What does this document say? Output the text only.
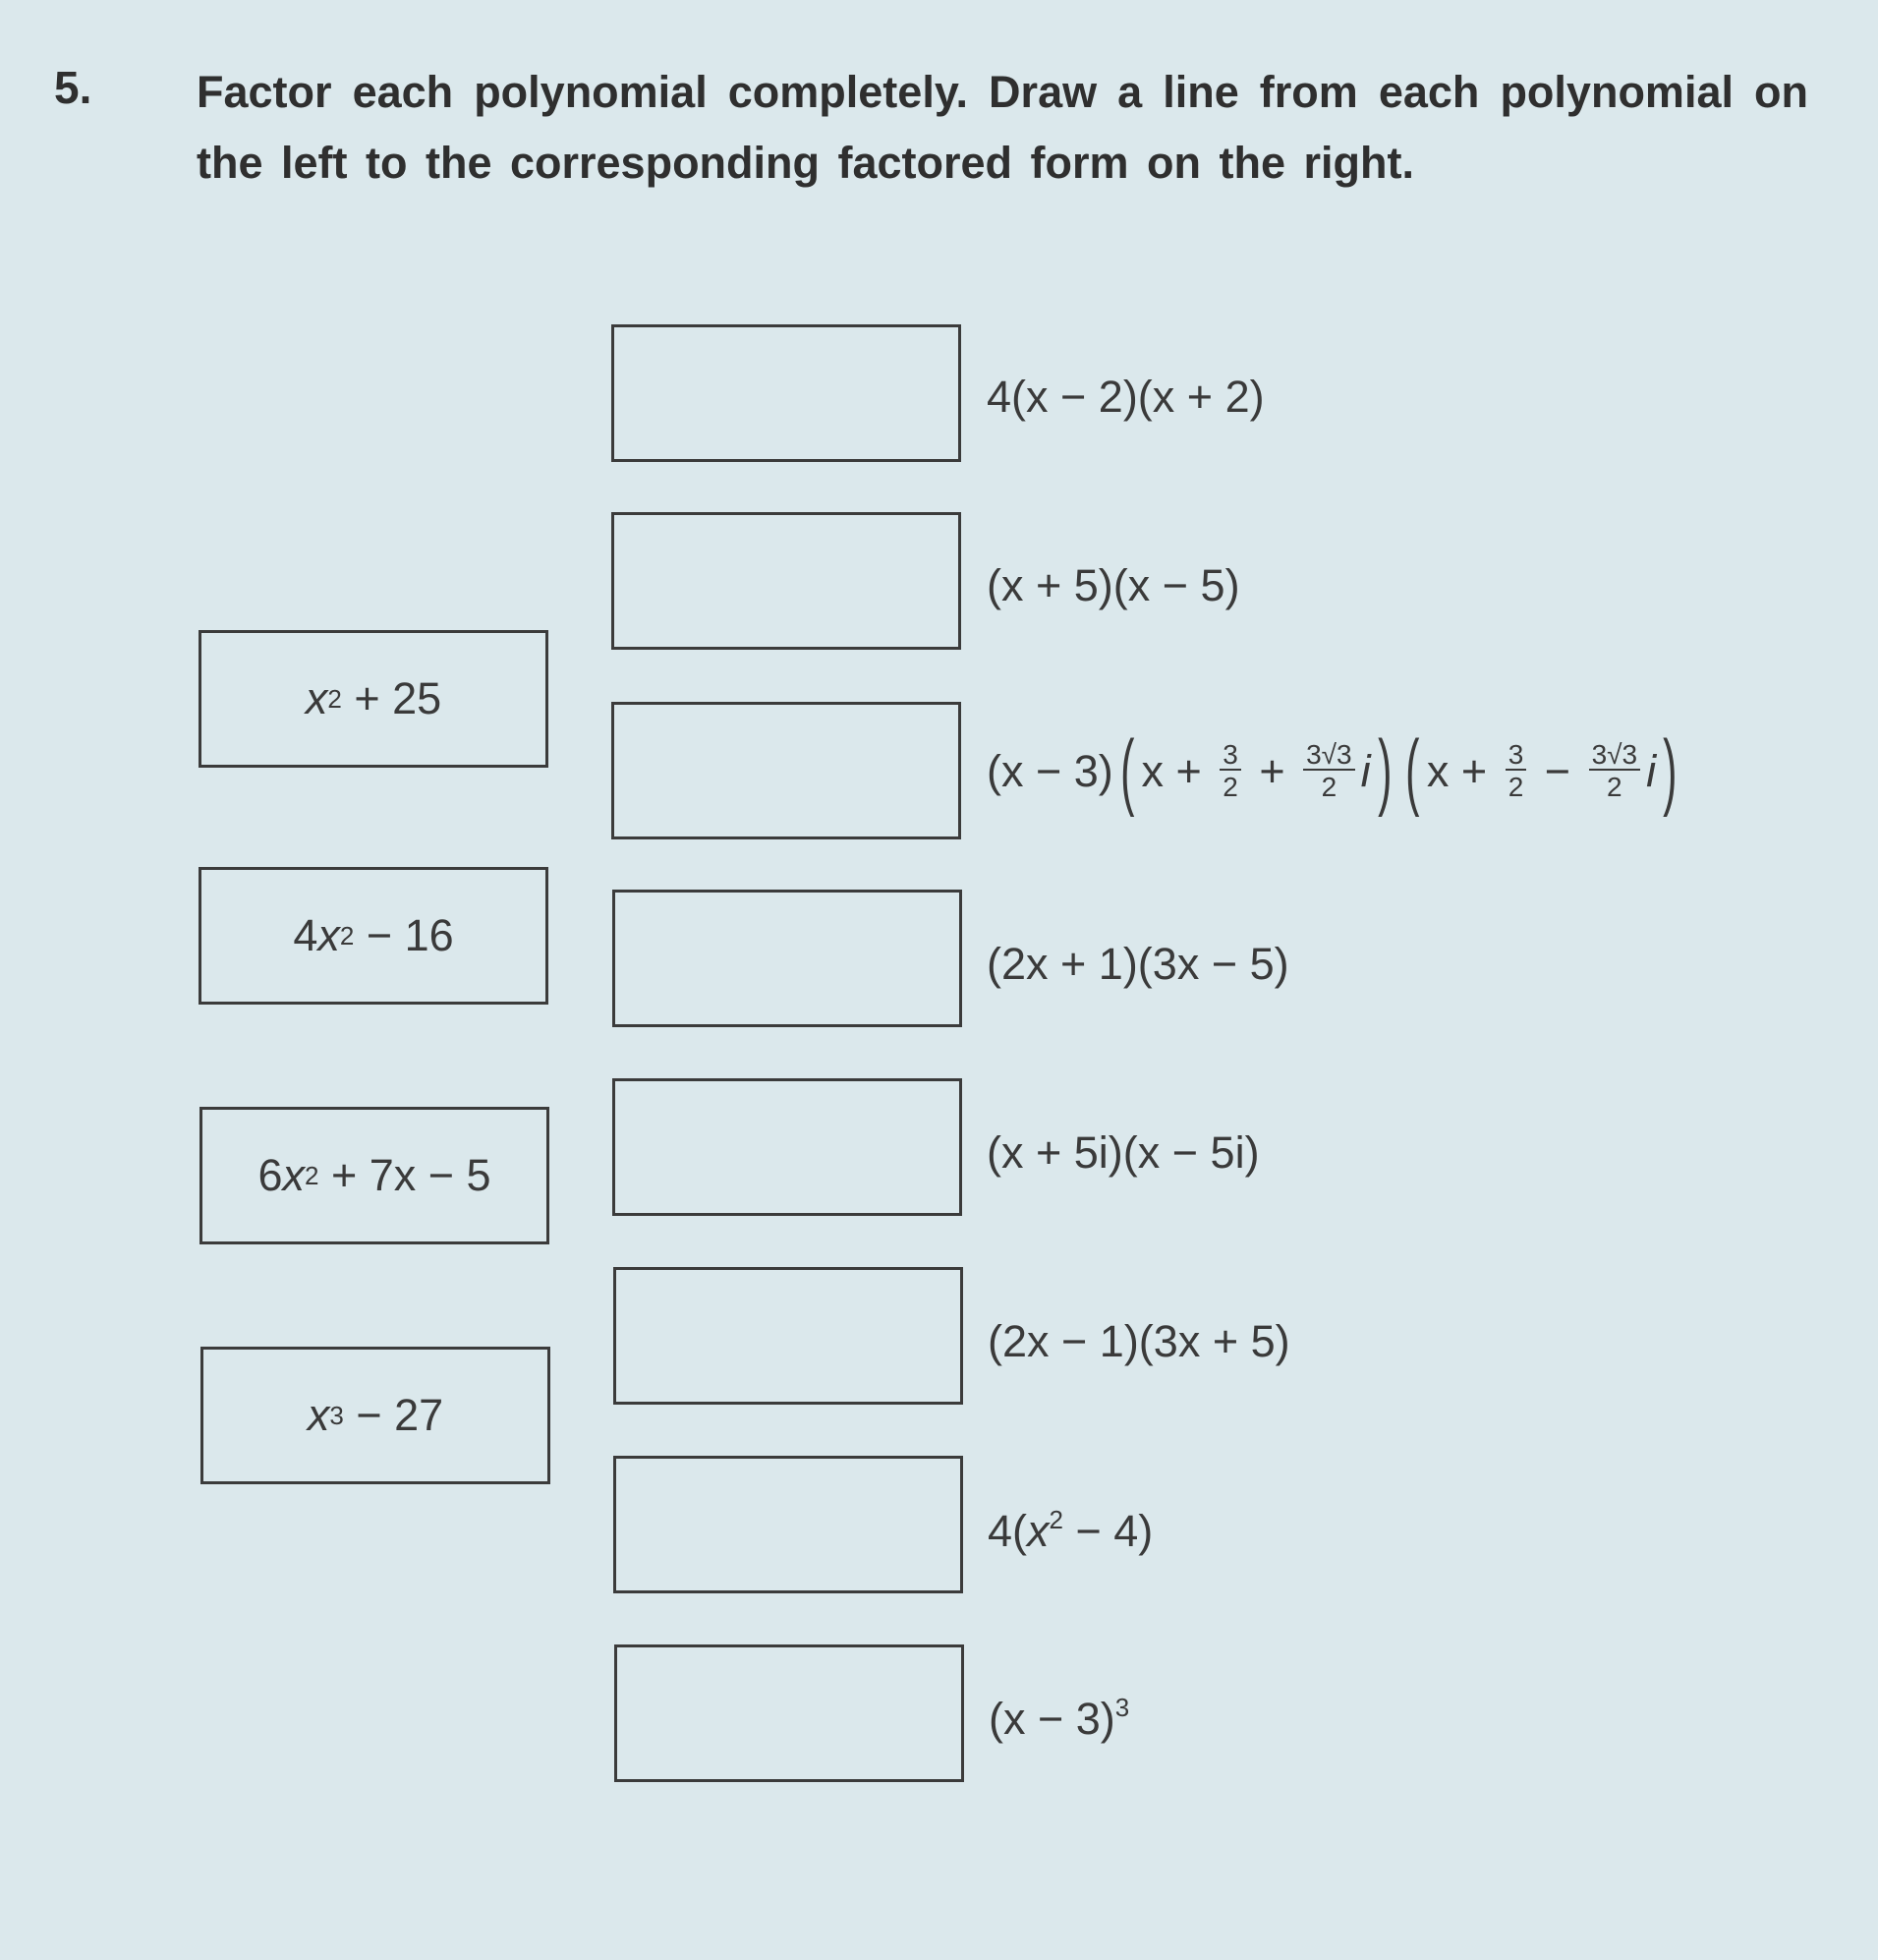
5. Factor each polynomial completely. Draw a line from each polynomial on the left to the corresponding factored form on the right.
x 2 + 25
4 x 2 − 16
6 x 2 + 7x − 5
x 3 − 27
4(x − 2)(x + 2)
(x + 5)(x − 5)
(x − 3) ( $x + \frac{3}{2} + \frac{3√3}{2}$ i ) ( $x + \frac{3}{2} - \frac{3√3}{2}$ i )
(2x + 1)(3x − 5)
(x + 5i)(x − 5i)
(2x − 1)(3x + 5)
$4(x^2 - 4)$
$(x - 3)^3$
